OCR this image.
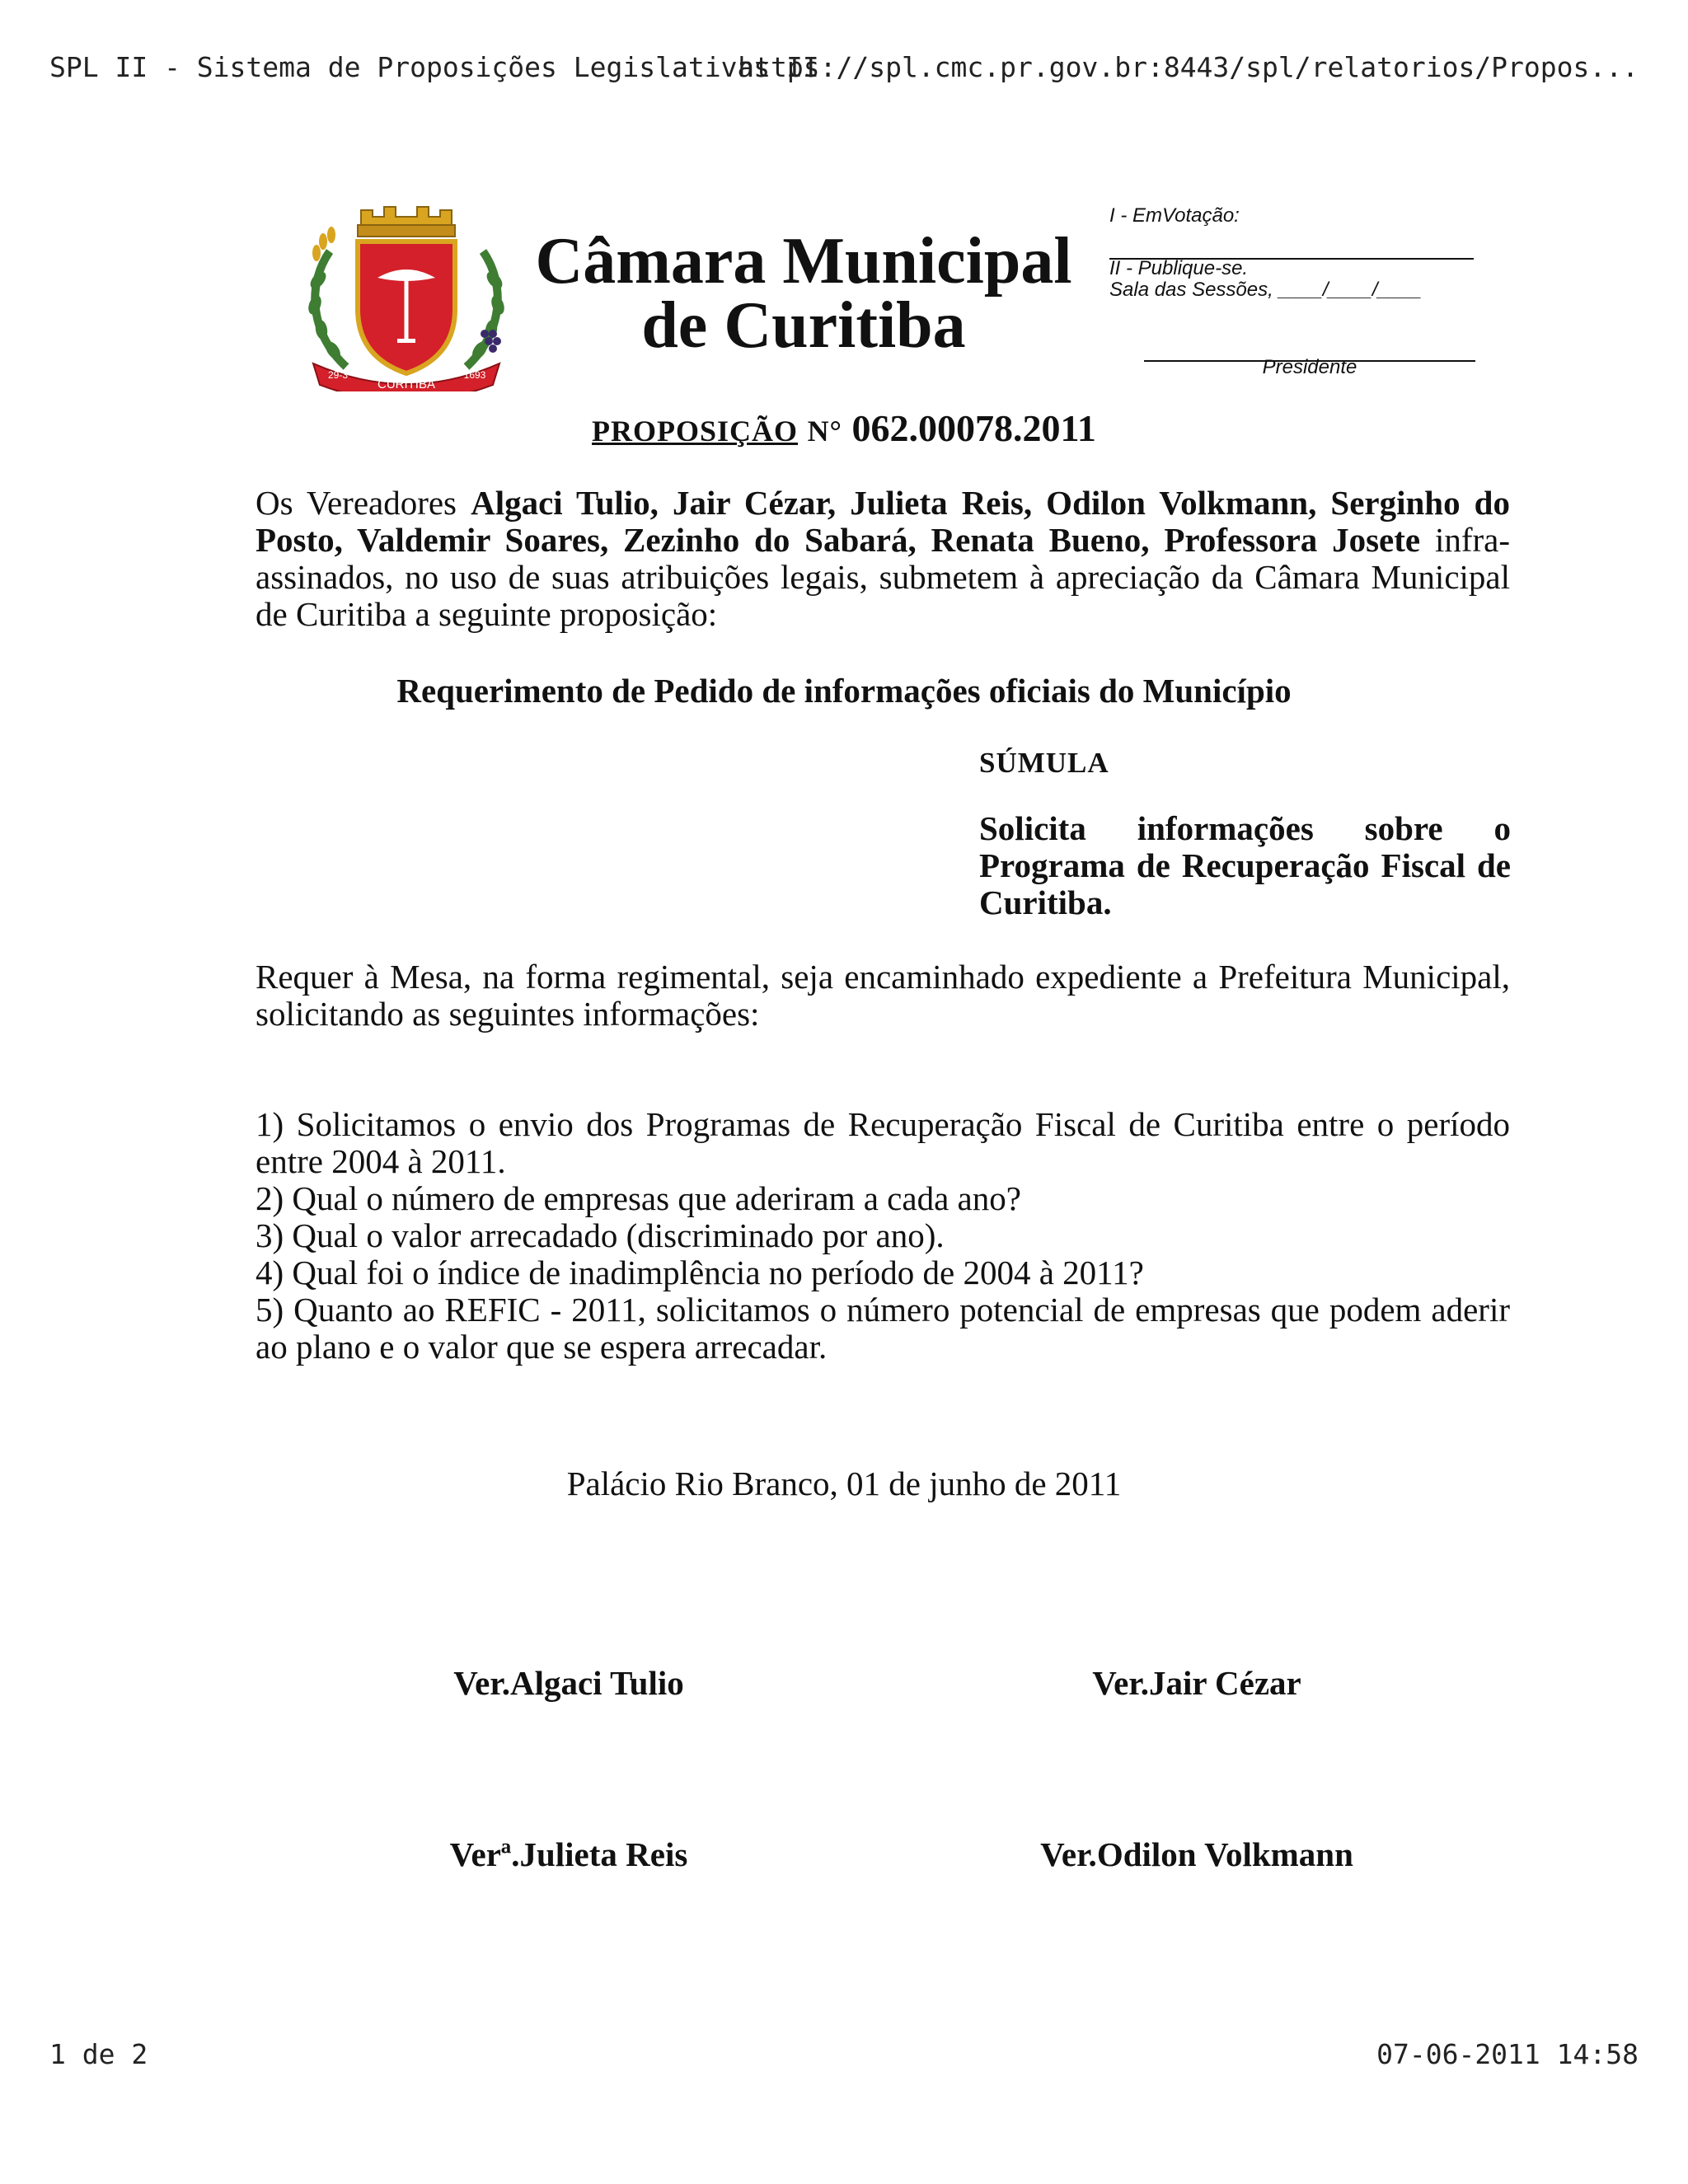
SPL II - Sistema de Proposições Legislativas II
https://spl.cmc.pr.gov.br:8443/spl/relatorios/Propos...
CURITIBA
29-3	1693
Câmara Municipal
de Curitiba
I - EmVotação:
II - Publique-se.
Sala das Sessões, ____/____/____
Presidente
PROPOSIÇÃO N° 062.00078.2011
Os Vereadores Algaci Tulio, Jair Cézar, Julieta Reis, Odilon Volkmann, Serginho do Posto, Valdemir Soares, Zezinho do Sabará, Renata Bueno, Professora Josete infra-assinados, no uso de suas atribuições legais, submetem à apreciação da Câmara Municipal de Curitiba a seguinte proposição:
Requerimento de Pedido de informações oficiais do Município
SÚMULA
Solicita informações sobre o Programa de Recuperação Fiscal de Curitiba.
Requer à Mesa, na forma regimental, seja encaminhado expediente a Prefeitura Municipal, solicitando as seguintes informações:
1) Solicitamos o envio dos Programas de Recuperação Fiscal de Curitiba entre o período entre 2004 à 2011.
2) Qual o número de empresas que aderiram a cada ano?
3) Qual o valor arrecadado (discriminado por ano).
4) Qual foi o índice de inadimplência no período de 2004 à 2011?
5) Quanto ao REFIC - 2011, solicitamos o número potencial de empresas que podem aderir ao plano e o valor que se espera arrecadar.
Palácio Rio Branco, 01 de junho de 2011
Ver.Algaci Tulio	Ver.Jair Cézar
Verª.Julieta Reis	Ver.Odilon Volkmann
1 de 2	07-06-2011 14:58
